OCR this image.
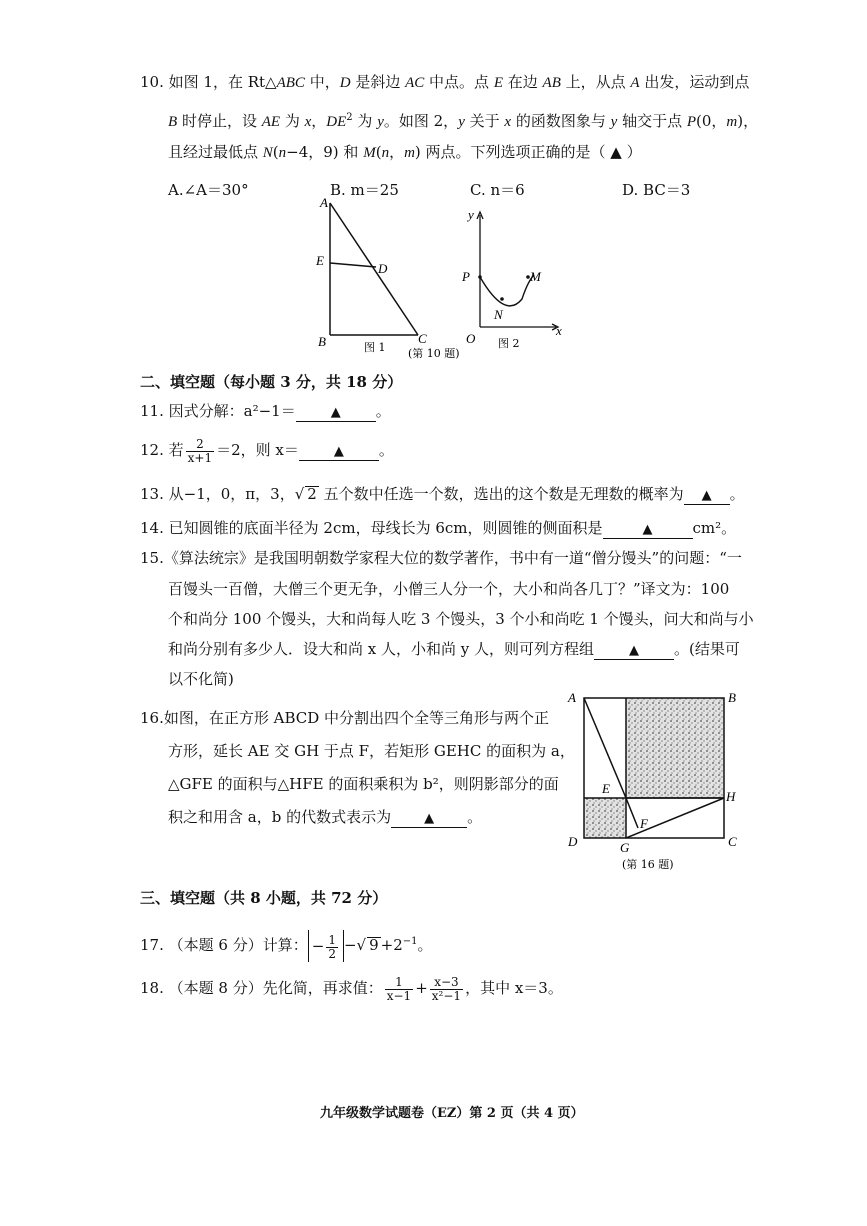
10. 如图 1，在 Rt△ABC 中，D 是斜边 AC 中点。点 E 在边 AB 上，从点 A 出发，运动到点
B 时停止，设 AE 为 x，$DE^2$ 为 y。如图 2，y 关于 x 的函数图象与 y 轴交于点 P(0，m)，
且经过最低点 N(n−4，9) 和 M(n，m) 两点。下列选项正确的是（ ▲ ）
A.∠A＝30°	B. m＝25	C. n＝6	D. BC＝3
A
E
D
B	C
图 1 (第 10 题)
y
P	M
N
O
x
图 2
二、填空题（每小题 3 分，共 18 分）
11. 因式分解：a²−1＝	▲ 。
12. 若 $\frac{2}{x+1} =2$，则 x＝	▲ 。
13. 从−1，0，π，3，√ 2 五个数中任选一个数，选出的这个数是无理数的概率为 ▲ 。
14. 已知圆锥的底面半径为 2cm，母线长为 6cm，则圆锥的侧面积是	▲	cm²。
15.《算法统宗》是我国明朝数学家程大位的数学著作，书中有一道“僧分馒头”的问题：“一
百馒头一百僧，大僧三个更无争，小僧三人分一个，大小和尚各几丁？”译文为：100
个和尚分 100 个馒头，大和尚每人吃 3 个馒头，3 个小和尚吃 1 个馒头，问大和尚与小
和尚分别有多少人．设大和尚 x 人，小和尚 y 人，则可列方程组	▲ 。(结果可
以不化简)
16.如图，在正方形 ABCD 中分割出四个全等三角形与两个正
方形，延长 AE 交 GH 于点 F，若矩形 GEHC 的面积为 a，
△GFE 的面积与△HFE 的面积乘积为 b²，则阴影部分的面
积之和用含 a，b 的代数式表示为	▲ 。
A	B
E
H
F
D	G	C
(第 16 题)
三、填空题（共 8 小题，共 72 分）
17. （本题 6 分）计算： − $\frac{1}{2}$ −√ $9 +2^{-1}$。
18. （本题 8 分）先化简，再求值： $\frac{1}{x-1} + \frac{x-3}{\text{x²−1}}$ ，其中 x＝3。
九年级数学试题卷（EZ）第 2 页（共 4 页）
